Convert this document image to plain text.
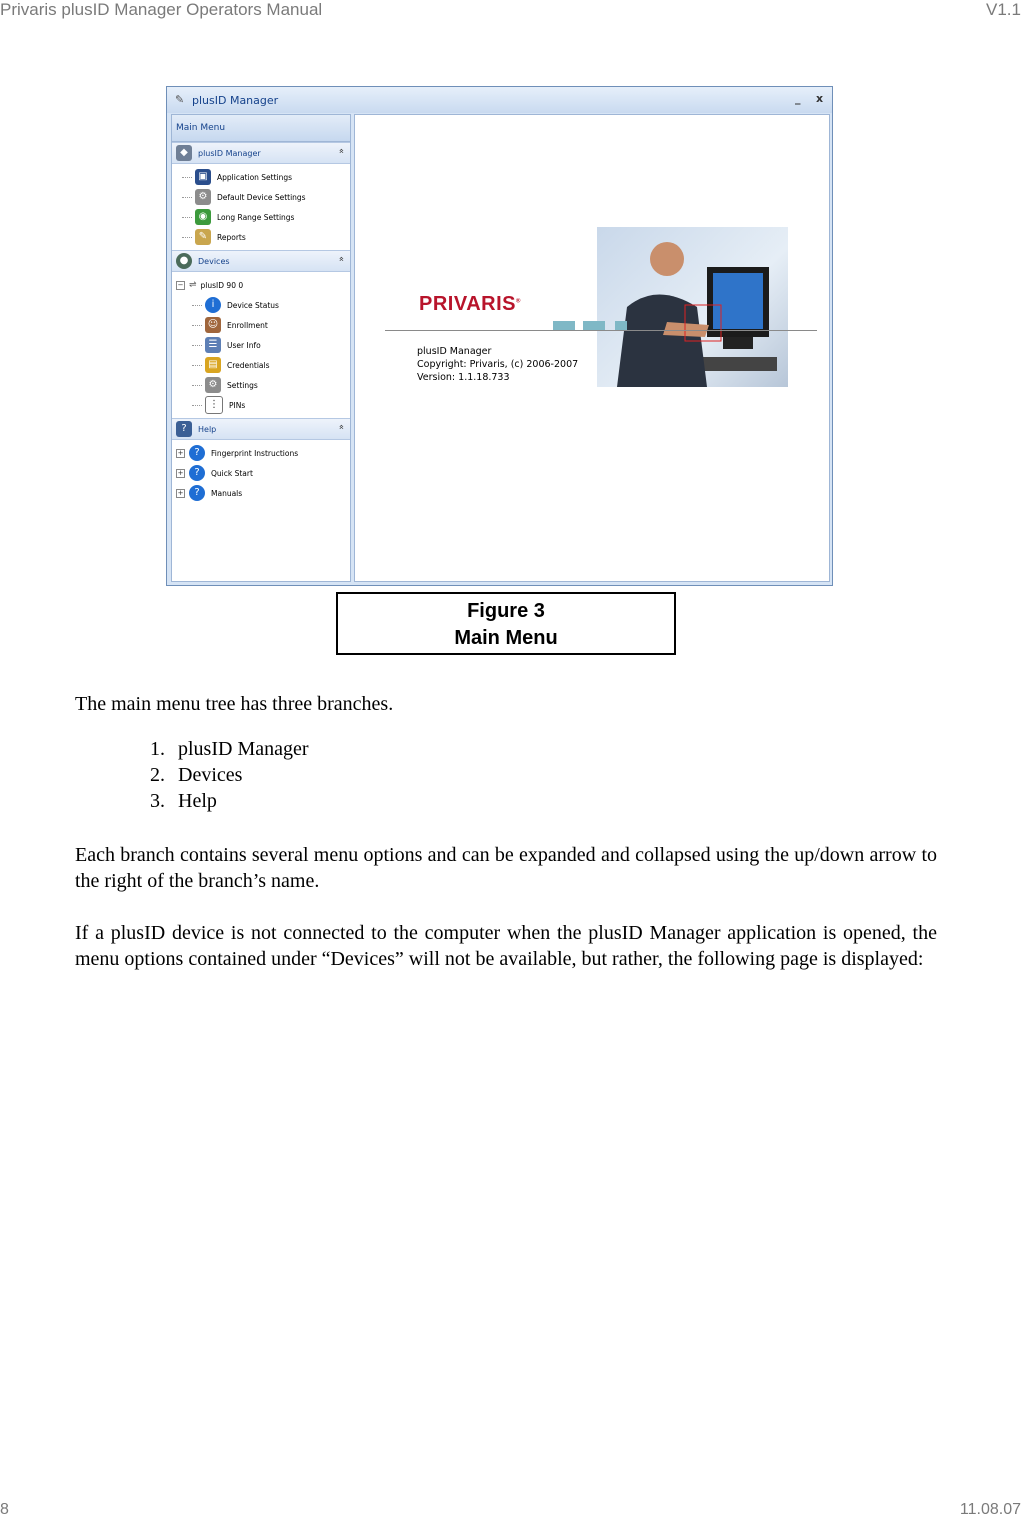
Privaris plusID Manager Operators Manual	V1.1
✎ plusID Manager	_ x
Main Menu
◆	plusID Manager	»
▣	Application Settings
⚙	Default Device Settings
◉	Long Range Settings
✎	Reports
●	Devices	»
− ⇌ plusID 90 0
i	Device Status
☺	Enrollment
☰	User Info
▤	Credentials
⚙	Settings
⋮	PINs
?	Help	»
+	?	Fingerprint Instructions
+	?	Quick Start
+	?	Manuals
PRIVARIS®
plusID Manager
Copyright: Privaris, (c) 2006-2007
Version: 1.1.18.733
Figure 3
Main Menu
The main menu tree has three branches.
1. plusID Manager
2. Devices
3. Help
Each branch contains several menu options and can be expanded and collapsed using the up/down arrow to the right of the branch’s name.
If a plusID device is not connected to the computer when the plusID Manager application is opened, the menu options contained under “Devices” will not be available, but rather, the following page is displayed:
8	11.08.07
